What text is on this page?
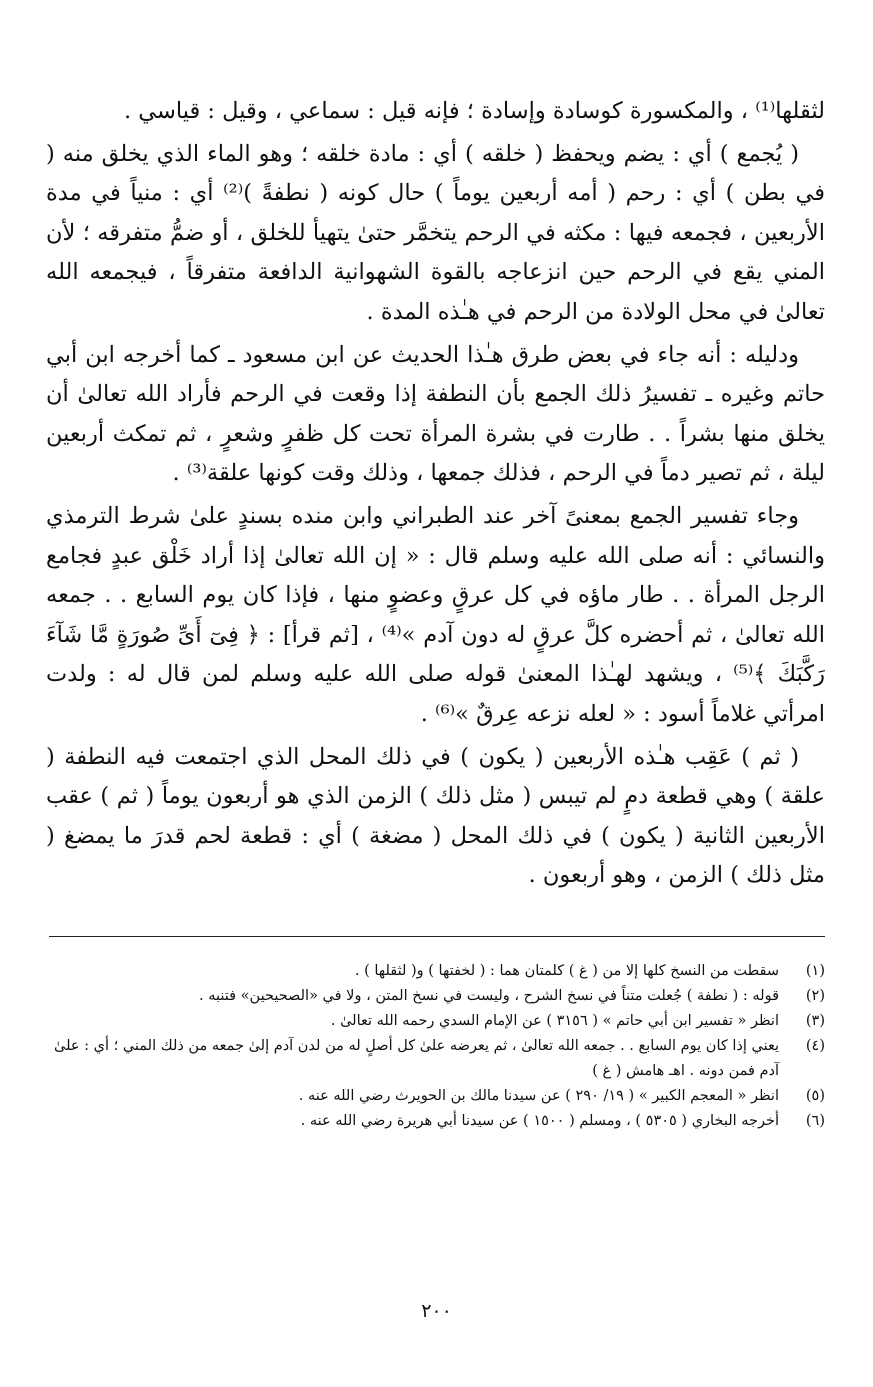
لثقلها⁽¹⁾ ، والمكسورة كوسادة وإسادة ؛ فإنه قيل : سماعي ، وقيل : قياسي .

( يُجمع ) أي : يضم ويحفظ ( خلقه ) أي : مادة خلقه ؛ وهو الماء الذي يخلق منه ( في بطن ) أي : رحم ( أمه أربعين يوماً ) حال كونه ( نطفةً )⁽²⁾ أي : منياً في مدة الأربعين ، فجمعه فيها : مكثه في الرحم يتخمَّر حتىٰ يتهيأ للخلق ، أو ضمُّ متفرقه ؛ لأن المني يقع في الرحم حين انزعاجه بالقوة الشهوانية الدافعة متفرقاً ، فيجمعه الله تعالىٰ في محل الولادة من الرحم في هـٰذه المدة .

ودليله : أنه جاء في بعض طرق هـٰذا الحديث عن ابن مسعود ـ كما أخرجه ابن أبي حاتم وغيره ـ تفسيرُ ذلك الجمع بأن النطفة إذا وقعت في الرحم فأراد الله تعالىٰ أن يخلق منها بشراً . . طارت في بشرة المرأة تحت كل ظفرٍ وشعرٍ ، ثم تمكث أربعين ليلة ، ثم تصير دماً في الرحم ، فذلك جمعها ، وذلك وقت كونها علقة⁽³⁾ .

وجاء تفسير الجمع بمعنىً آخر عند الطبراني وابن منده بسندٍ علىٰ شرط الترمذي والنسائي : أنه صلى الله عليه وسلم قال : « إن الله تعالىٰ إذا أراد خَلْق عبدٍ فجامع الرجل المرأة . . طار ماؤه في كل عرقٍ وعضوٍ منها ، فإذا كان يوم السابع . . جمعه الله تعالىٰ ، ثم أحضره كلَّ عرقٍ له دون آدم »⁽⁴⁾ ، [ثم قرأ] : ﴿ فِىٓ أَىِّ صُورَةٍ مَّا شَآءَ رَكَّبَكَ ﴾⁽⁵⁾ ، ويشهد لهـٰذا المعنىٰ قوله صلى الله عليه وسلم لمن قال له : ولدت امرأتي غلاماً أسود : « لعله نزعه عِرقٌ »⁽⁶⁾ .

( ثم ) عَقِب هـٰذه الأربعين ( يكون ) في ذلك المحل الذي اجتمعت فيه النطفة ( علقة ) وهي قطعة دمٍ لم تيبس ( مثل ذلك ) الزمن الذي هو أربعون يوماً ( ثم ) عقب الأربعين الثانية ( يكون ) في ذلك المحل ( مضغة ) أي : قطعة لحم قدرَ ما يمضغ ( مثل ذلك ) الزمن ، وهو أربعون .

(١)
سقطت من النسخ كلها إلا من ( غ ) كلمتان هما : ( لخفتها ) و( لثقلها ) .
(٢)
قوله : ( نطفة ) جُعلت متناً في نسخ الشرح ، وليست في نسخ المتن ، ولا في «الصحيحين» فتنبه .
(٣)
انظر « تفسير ابن أبي حاتم » ( ٣١٥٦ ) عن الإمام السدي رحمه الله تعالىٰ .
(٤)
يعني إذا كان يوم السابع . . جمعه الله تعالىٰ ، ثم يعرضه علىٰ كل أصلٍ له من لدن آدم إلىٰ جمعه من ذلك المني ؛ أي : علىٰ آدم فمن دونه . اهـ هامش ( غ )
(٥)
انظر « المعجم الكبير » ( ١٩/ ٢٩٠ ) عن سيدنا مالك بن الحويرث رضي الله عنه .
(٦)
أخرجه البخاري ( ٥٣٠٥ ) ، ومسلم ( ١٥٠٠ ) عن سيدنا أبي هريرة رضي الله عنه .
٢٠٠
